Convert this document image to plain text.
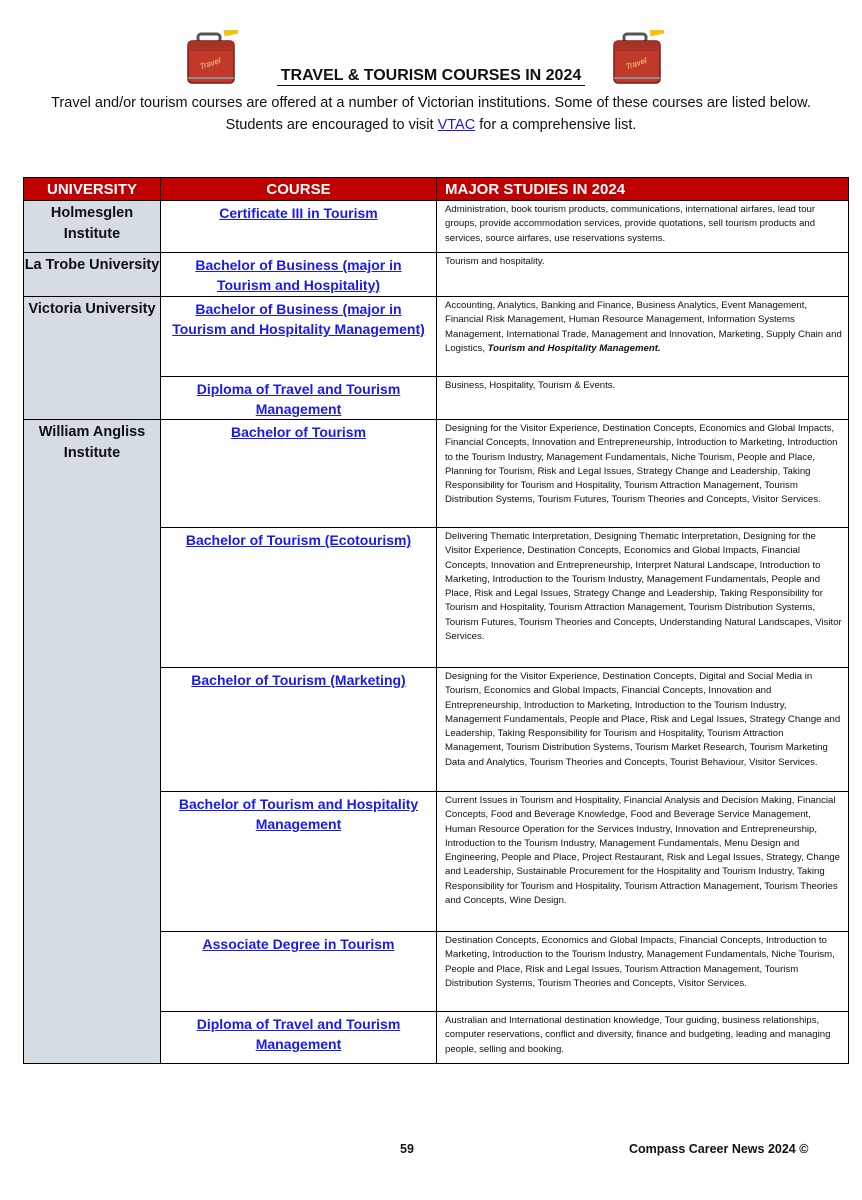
Travel	Travel
TRAVEL & TOURISM COURSES IN 2024
Travel and/or tourism courses are offered at a number of Victorian institutions. Some of these courses are listed below.
Students are encouraged to visit VTAC for a comprehensive list.
UNIVERSITY	COURSE	MAJOR STUDIES IN 2024
Holmesglen Institute	Certificate III in Tourism	Administration, book tourism products, communications, international airfares, lead tour groups, provide accommodation services, provide quotations, sell tourism products and services, source airfares, use reservations systems.
La Trobe University	Bachelor of Business (major in Tourism and Hospitality)	Tourism and hospitality.
Victoria University	Bachelor of Business (major in Tourism and Hospitality Management)	Accounting, Analytics, Banking and Finance, Business Analytics, Event Management, Financial Risk Management, Human Resource Management, Information Systems Management, International Trade, Management and Innovation, Marketing, Supply Chain and Logistics, Tourism and Hospitality Management.
	Diploma of Travel and Tourism Management	Business, Hospitality, Tourism & Events.
William Angliss Institute	Bachelor of Tourism	Designing for the Visitor Experience, Destination Concepts, Economics and Global Impacts, Financial Concepts, Innovation and Entrepreneurship, Introduction to Marketing, Introduction to the Tourism Industry, Management Fundamentals, Niche Tourism, People and Place, Planning for Tourism, Risk and Legal Issues, Strategy Change and Leadership, Taking Responsibility for Tourism and Hospitality, Tourism Attraction Management, Tourism Distribution Systems, Tourism Futures, Tourism Theories and Concepts, Visitor Services.
	Bachelor of Tourism (Ecotourism)	Delivering Thematic Interpretation, Designing Thematic Interpretation, Designing for the Visitor Experience, Destination Concepts, Economics and Global Impacts, Financial Concepts, Innovation and Entrepreneurship, Interpret Natural Landscape, Introduction to Marketing, Introduction to the Tourism Industry, Management Fundamentals, People and Place, Risk and Legal Issues, Strategy Change and Leadership, Taking Responsibility for Tourism and Hospitality, Tourism Attraction Management, Tourism Distribution Systems, Tourism Futures, Tourism Theories and Concepts, Understanding Natural Landscapes, Visitor Services.
	Bachelor of Tourism (Marketing)	Designing for the Visitor Experience, Destination Concepts, Digital and Social Media in Tourism, Economics and Global Impacts, Financial Concepts, Innovation and Entrepreneurship, Introduction to Marketing, Introduction to the Tourism Industry, Management Fundamentals, People and Place, Risk and Legal Issues, Strategy Change and Leadership, Taking Responsibility for Tourism and Hospitality, Tourism Attraction Management, Tourism Distribution Systems, Tourism Market Research, Tourism Marketing Data and Analytics, Tourism Theories and Concepts, Tourist Behaviour, Visitor Services.
	Bachelor of Tourism and Hospitality Management	Current Issues in Tourism and Hospitality, Financial Analysis and Decision Making, Financial Concepts, Food and Beverage Knowledge, Food and Beverage Service Management, Human Resource Operation for the Services Industry, Innovation and Entrepreneurship, Introduction to the Tourism Industry, Management Fundamentals, Menu Design and Engineering, People and Place, Project Restaurant, Risk and Legal Issues, Strategy, Change and Leadership, Sustainable Procurement for the Hospitality and Tourism Industry, Taking Responsibility for Tourism and Hospitality, Tourism Attraction Management, Tourism Theories and Concepts, Wine Design.
	Associate Degree in Tourism	Destination Concepts, Economics and Global Impacts, Financial Concepts, Introduction to Marketing, Introduction to the Tourism Industry, Management Fundamentals, Niche Tourism, People and Place, Risk and Legal Issues, Tourism Attraction Management, Tourism Distribution Systems, Tourism Theories and Concepts, Visitor Services.
	Diploma of Travel and Tourism Management	Australian and International destination knowledge, Tour guiding, business relationships, computer reservations, conflict and diversity, finance and budgeting, leading and managing people, selling and booking.
59	Compass Career News 2024 ©
